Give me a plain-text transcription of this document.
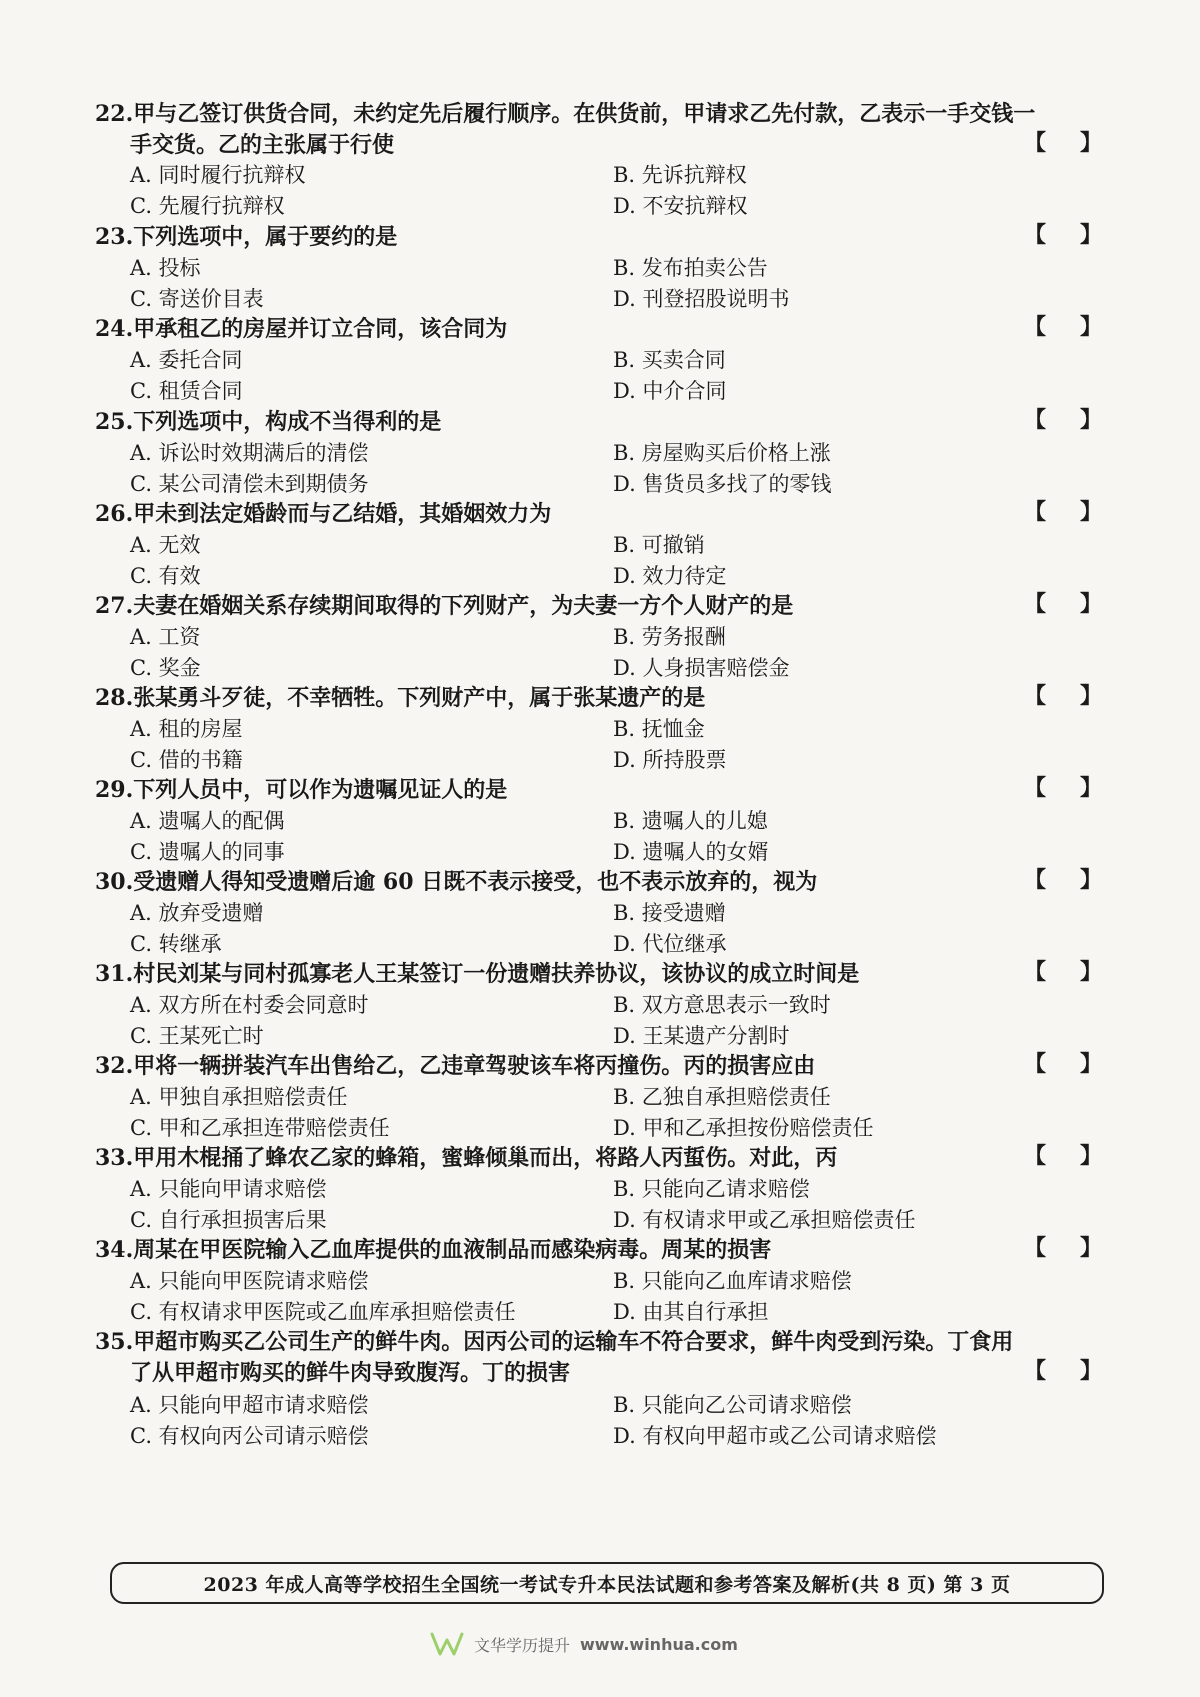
22.甲与乙签订供货合同，未约定先后履行顺序。在供货前，甲请求乙先付款，乙表示一手交钱一
手交货。乙的主张属于行使	【 】
A. 同时履行抗辩权	B. 先诉抗辩权
C. 先履行抗辩权	D. 不安抗辩权
23.下列选项中，属于要约的是	【 】
A. 投标	B. 发布拍卖公告
C. 寄送价目表	D. 刊登招股说明书
24.甲承租乙的房屋并订立合同，该合同为	【 】
A. 委托合同	B. 买卖合同
C. 租赁合同	D. 中介合同
25.下列选项中，构成不当得利的是	【 】
A. 诉讼时效期满后的清偿	B. 房屋购买后价格上涨
C. 某公司清偿未到期债务	D. 售货员多找了的零钱
26.甲未到法定婚龄而与乙结婚，其婚姻效力为	【 】
A. 无效	B. 可撤销
C. 有效	D. 效力待定
27.夫妻在婚姻关系存续期间取得的下列财产，为夫妻一方个人财产的是	【 】
A. 工资	B. 劳务报酬
C. 奖金	D. 人身损害赔偿金
28.张某勇斗歹徒，不幸牺牲。下列财产中，属于张某遗产的是	【 】
A. 租的房屋	B. 抚恤金
C. 借的书籍	D. 所持股票
29.下列人员中，可以作为遗嘱见证人的是	【 】
A. 遗嘱人的配偶	B. 遗嘱人的儿媳
C. 遗嘱人的同事	D. 遗嘱人的女婿
30.受遗赠人得知受遗赠后逾 60 日既不表示接受，也不表示放弃的，视为	【 】
A. 放弃受遗赠	B. 接受遗赠
C. 转继承	D. 代位继承
31.村民刘某与同村孤寡老人王某签订一份遗赠扶养协议，该协议的成立时间是	【 】
A. 双方所在村委会同意时	B. 双方意思表示一致时
C. 王某死亡时	D. 王某遗产分割时
32.甲将一辆拼装汽车出售给乙，乙违章驾驶该车将丙撞伤。丙的损害应由	【 】
A. 甲独自承担赔偿责任	B. 乙独自承担赔偿责任
C. 甲和乙承担连带赔偿责任	D. 甲和乙承担按份赔偿责任
33.甲用木棍捅了蜂农乙家的蜂箱，蜜蜂倾巢而出，将路人丙蜇伤。对此，丙	【 】
A. 只能向甲请求赔偿	B. 只能向乙请求赔偿
C. 自行承担损害后果	D. 有权请求甲或乙承担赔偿责任
34.周某在甲医院输入乙血库提供的血液制品而感染病毒。周某的损害	【 】
A. 只能向甲医院请求赔偿	B. 只能向乙血库请求赔偿
C. 有权请求甲医院或乙血库承担赔偿责任	D. 由其自行承担
35.甲超市购买乙公司生产的鲜牛肉。因丙公司的运输车不符合要求，鲜牛肉受到污染。丁食用
了从甲超市购买的鲜牛肉导致腹泻。丁的损害	【 】
A. 只能向甲超市请求赔偿	B. 只能向乙公司请求赔偿
C. 有权向丙公司请示赔偿	D. 有权向甲超市或乙公司请求赔偿
2023 年成人高等学校招生全国统一考试专升本民法试题和参考答案及解析(共 8 页) 第 3 页
文华学历提升 www.winhua.com
